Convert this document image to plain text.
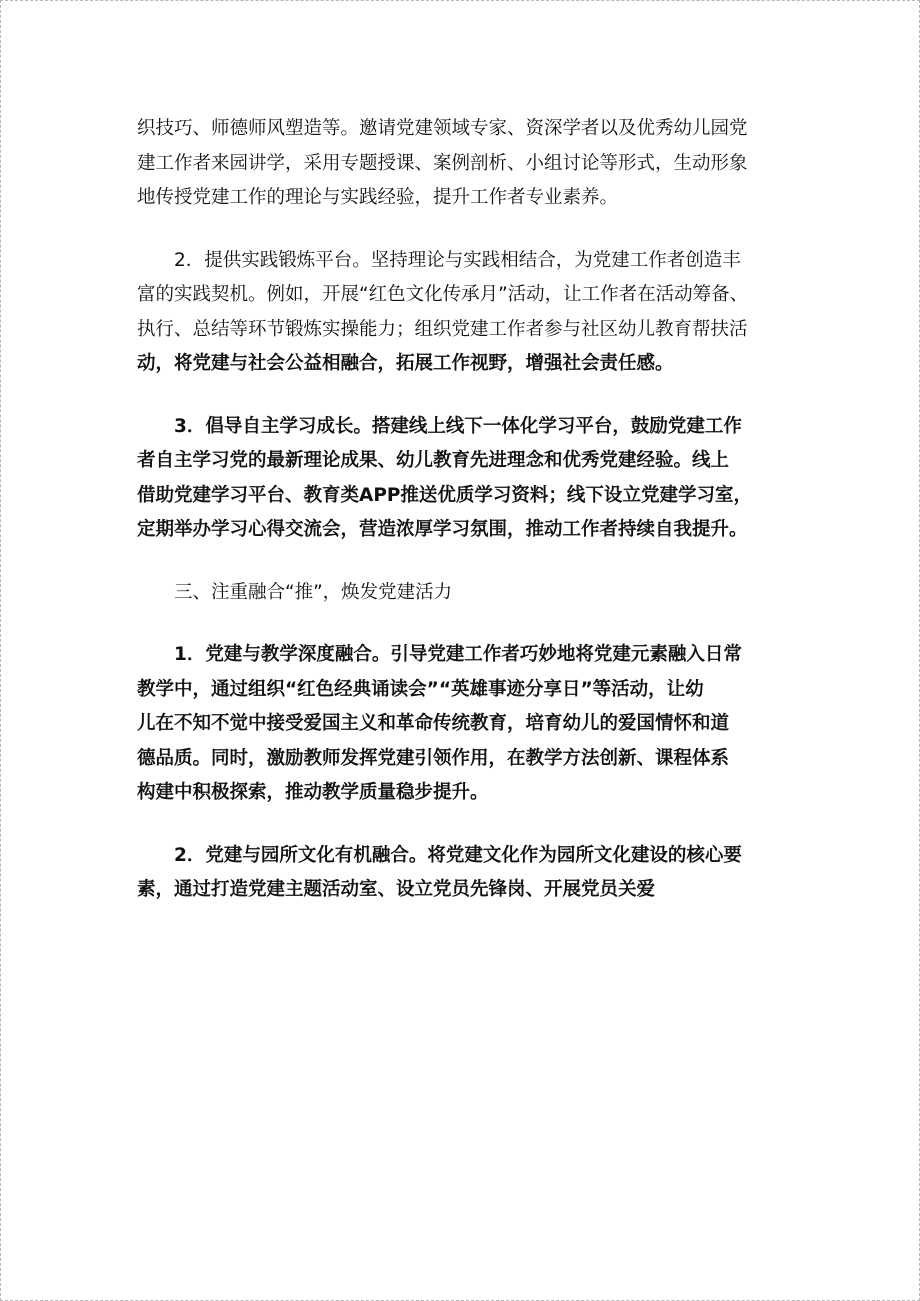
织技巧、师德师风塑造等。邀请党建领域专家、资深学者以及优秀幼儿园党
建工作者来园讲学，采用专题授课、案例剖析、小组讨论等形式，生动形象
地传授党建工作的理论与实践经验，提升工作者专业素养。
2．提供实践锻炼平台。坚持理论与实践相结合，为党建工作者创造丰
富的实践契机。例如，开展“红色文化传承月”活动，让工作者在活动筹备、
执行、总结等环节锻炼实操能力；组织党建工作者参与社区幼儿教育帮扶活
动，将党建与社会公益相融合，拓展工作视野，增强社会责任感。
3．倡导自主学习成长。搭建线上线下一体化学习平台，鼓励党建工作
者自主学习党的最新理论成果、幼儿教育先进理念和优秀党建经验。线上
借助党建学习平台、教育类APP推送优质学习资料；线下设立党建学习室，
定期举办学习心得交流会，营造浓厚学习氛围，推动工作者持续自我提升。
三、注重融合“推”，焕发党建活力
1．党建与教学深度融合。引导党建工作者巧妙地将党建元素融入日常
教学中，通过组织“红色经典诵读会”“英雄事迹分享日”等活动，让幼
儿在不知不觉中接受爱国主义和革命传统教育，培育幼儿的爱国情怀和道
德品质。同时，激励教师发挥党建引领作用，在教学方法创新、课程体系
构建中积极探索，推动教学质量稳步提升。
2．党建与园所文化有机融合。将党建文化作为园所文化建设的核心要
素，通过打造党建主题活动室、设立党员先锋岗、开展党员关爱
